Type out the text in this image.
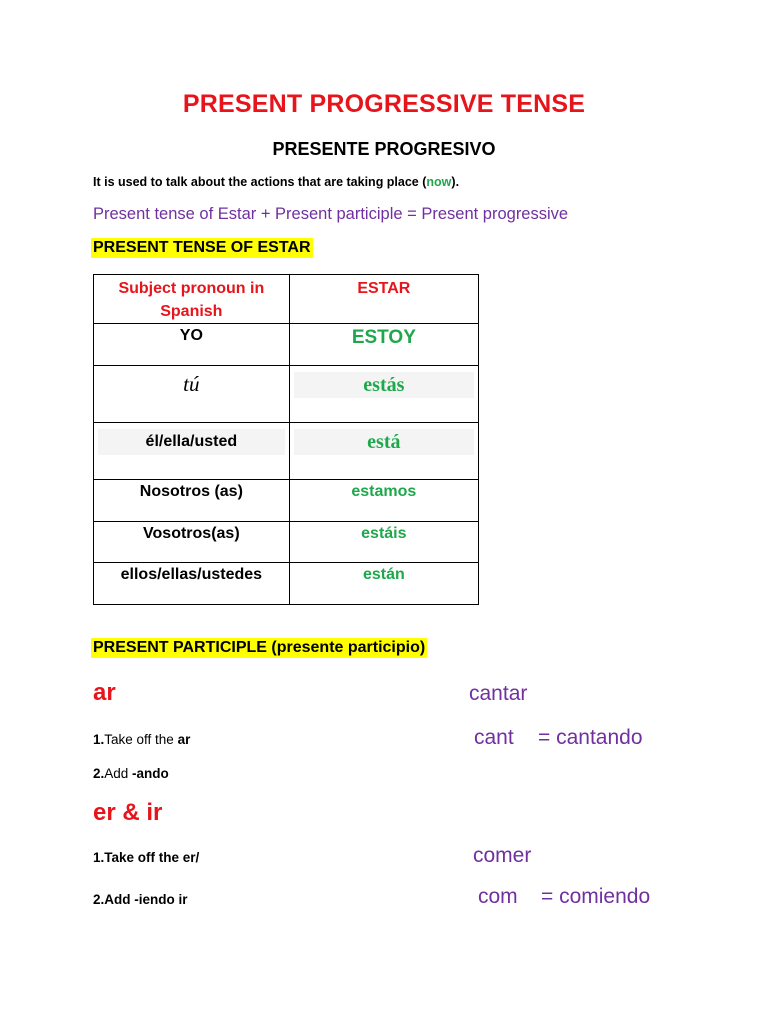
PRESENT PROGRESSIVE TENSE
PRESENTE PROGRESIVO
It is used to talk about the actions that are taking place (now).
Present tense of Estar + Present participle = Present progressive
PRESENT TENSE OF ESTAR
Subject pronoun in Spanish	ESTAR
YO	ESTOY
tú	estás

él/ella/usted	está

Nosotros (as)	estamos
Vosotros(as)	estáis
ellos/ellas/ustedes	están
PRESENT PARTICIPLE (presente participio)
ar	cantar
1.Take off the ar	cant = cantando
2.Add -ando
er & ir
1.Take off the er/	comer
2.Add -iendo ir	com = comiendo
